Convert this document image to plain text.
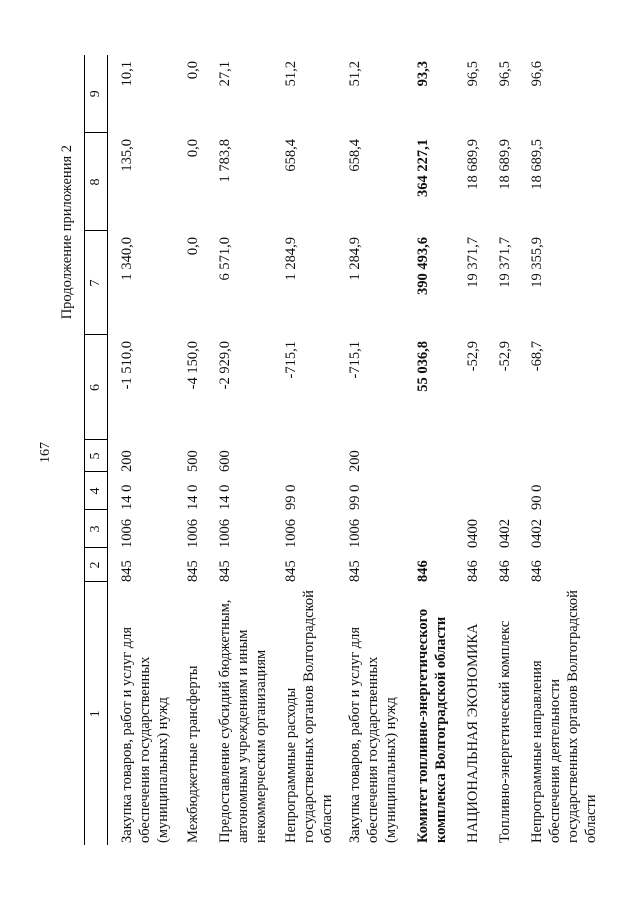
167
Продолжение приложения 2
1	2	3	4	5	6	7	8	9
Закупка товаров, работ и услуг для обеспечения государственных (муниципальных) нужд	845	1006	14 0	200	-1 510,0	1 340,0	135,0	10,1
Межбюджетные трансферты	845	1006	14 0	500	-4 150,0	0,0	0,0	0,0
Предоставление субсидий бюджетным, автономным учреждениям и иным некоммерческим организациям	845	1006	14 0	600	-2 929,0	6 571,0	1 783,8	27,1
Непрограммные расходы государственных органов Волгоградской области	845	1006	99 0		-715,1	1 284,9	658,4	51,2
Закупка товаров, работ и услуг для обеспечения государственных (муниципальных) нужд	845	1006	99 0	200	-715,1	1 284,9	658,4	51,2
Комитет топливно-энергетического комплекса Волгоградской области	846				55 036,8	390 493,6	364 227,1	93,3
НАЦИОНАЛЬНАЯ ЭКОНОМИКА	846	0400			-52,9	19 371,7	18 689,9	96,5
Топливно-энергетический комплекс	846	0402			-52,9	19 371,7	18 689,9	96,5
Непрограммные направления обеспечения деятельности государственных органов Волгоградской области	846	0402	90 0		-68,7	19 355,9	18 689,5	96,6
